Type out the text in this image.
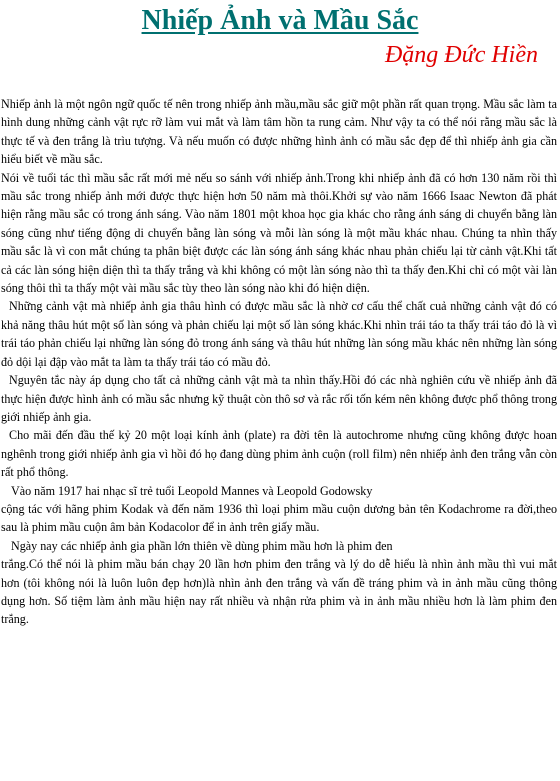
Nhiếp Ảnh và Mầu Sắc
Đặng Đức Hiền

Nhiếp ảnh là một ngôn ngữ quốc tế nên trong nhiếp ảnh mầu,mầu sắc giữ một phần rất quan trọng. Mầu sắc làm ta hình dung những cảnh vật rực rỡ làm vui mắt và làm tâm hồn ta rung cảm. Như vậy ta có thể nói rằng mầu sắc là thực tế và đen trắng là trìu tượng. Và nếu muốn có được những hình ảnh có mầu sắc đẹp để thì nhiếp ảnh gia cần hiểu biết về mầu sắc.

Nói về tuổi tác thì mầu sắc rất mới mẻ nếu so sánh với nhiếp ảnh.Trong khi nhiếp ảnh đã có hơn 130 năm rồi thì mầu sắc trong nhiếp ảnh mới được thực hiện hơn 50 năm mà thôi.Khởi sự vào năm 1666 Isaac Newton đã phát hiện rằng mầu sắc có trong ánh sáng. Vào năm 1801 một khoa học gia khác cho rằng ánh sáng di chuyển bằng làn sóng cũng như tiếng động di chuyển bằng làn sóng và mỗi làn sóng là một mầu khác nhau. Chúng ta nhìn thấy mầu sắc là vì con mắt chúng ta phân biệt được các làn sóng ánh sáng khác nhau phản chiếu lại từ cảnh vật.Khi tất cả các làn sóng hiện diện thì ta thấy trắng và khi không có một làn sóng nào thì ta thấy đen.Khi chỉ có một vài làn sóng thôi thì ta thấy một vài mầu sắc tùy theo làn sóng nào khi đó hiện diện.

Những cảnh vật mà nhiếp ảnh gia thâu hình có được mầu sắc là nhờ cơ cấu thể chất cuả những cảnh vật đó có khả năng thâu hút một số làn sóng và phản chiếu lại một số làn sóng khác.Khi nhìn trái táo ta thấy trái táo đỏ là vì trái táo phản chiếu lại những làn sóng đỏ trong ánh sáng và thâu hút những làn sóng mầu khác nên những làn sóng đỏ dội lại đập vào mắt ta làm ta thấy trái táo có mầu đỏ.

Nguyên tắc này áp dụng cho tất cả những cảnh vật mà ta nhìn thấy.Hồi đó các nhà nghiên cứu về nhiếp ảnh đã thực hiện được hình ảnh có mầu sắc nhưng kỹ thuật còn thô sơ và rắc rối tốn kém nên không được phổ thông trong giới nhiếp ảnh gia.

Cho mãi đến đầu thế kỷ 20 một loại kính ảnh (plate) ra đời tên là autochrome nhưng cũng không được hoan nghênh trong giới nhiếp ảnh gia vì hồi đó họ đang dùng phim ảnh cuộn (roll film) nên nhiếp ảnh đen trắng vẫn còn rất phổ thông.

Vào năm 1917 hai nhạc sĩ trẻ tuổi Leopold Mannes và Leopold Godowsky

cộng tác với hãng phim Kodak và đến năm 1936 thì loại phim mầu cuộn dương bản tên Kodachrome ra đời,theo sau là phim mầu cuộn âm bản Kodacolor để in ảnh trên giấy mầu.

Ngày nay các nhiếp ảnh gia phần lớn thiên về dùng phim mầu hơn là phim đen

trắng.Có thể nói là phim mầu bán chạy 20 lần hơn phim đen trắng và lý do dễ hiểu là nhìn ảnh mầu thì vui mắt hơn (tôi không nói là luôn luôn đẹp hơn)là nhìn ảnh đen trắng và vấn đề tráng phim và in ảnh mầu cũng thông dụng hơn. Số tiệm làm ảnh mầu hiện nay rất nhiều và nhận rửa phim và in ảnh mầu nhiều hơn là làm phim đen trắng.
